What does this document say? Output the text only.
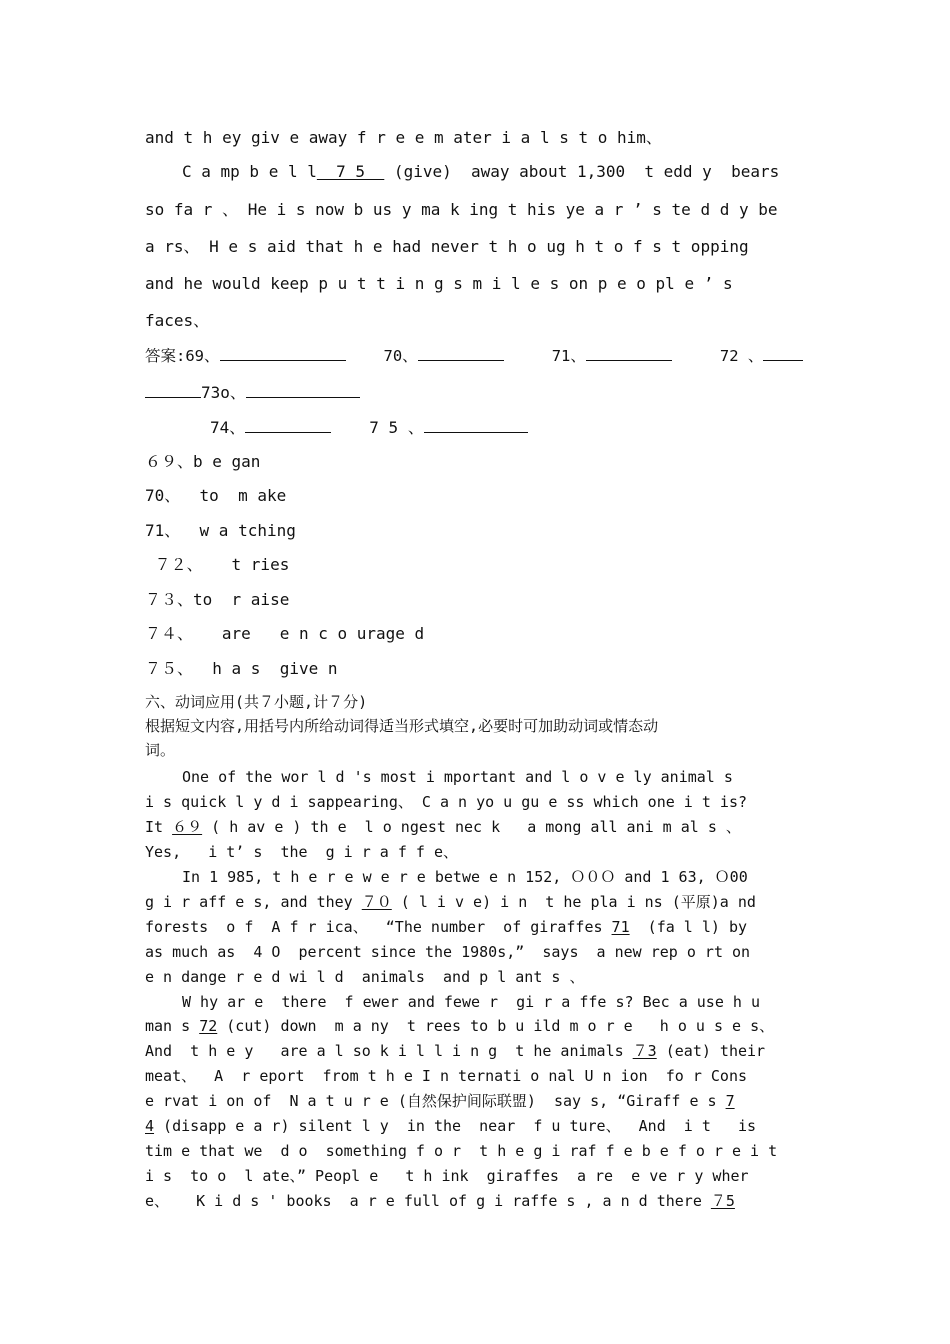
and t h ey giv e away f r e e m ater i a l s t o him、
C a mp b e l l  7 5   (give)  away about 1,300  t edd y  bears
so fa r 、 He i s now b us y ma k ing t his ye a r ’ s te d d y be
a rs、 H e s aid that h e had never t h o ug h t o f s t opping
and he would keep p u t t i n g s m i l e s on p e o pl e ’ s
faces、
答案:69、	70、	71、	72 、
73o、
74、	7 5 、
６９、b e gan
70、  to  m ake
71、  w a tching
７２、   t ries
７３、to  r aise
７４、   are   e n c o urage d
７５、  h a s  give n
六、动词应用(共７小题,计７分)
根据短文内容,用括号内所给动词得适当形式填空,必要时可加助动词或情态动
词。
One of the wor l d 's most i mportant and l o v e ly animal s
i s quick l y d i sappearing、 C a n yo u gu e ss which one i t is?
It ６９ ( h av e ) th e  l o ngest nec k   a mong all ani m al s 、
Yes,   i t’ s  the  g i r a f f e、
In 1 985, t h e r e w e r e betwe e n 152, Ｏ０Ｏ and 1 63, Ｏ00
g i r aff e s, and they ７０ ( l i v e) i n  t he pla i ns (平原)a nd
forests  o f  A f r ica、  “The number  of giraffes 71  (fa l l) by
as much as  4 O  percent since the 1980s,”  says  a new rep o rt on
e n dange r e d wi l d  animals  and p l ant s 、
W hy ar e  there  f ewer and fewe r  gi r a ffe s? Bec a use h u
man s 72 (cut) down  m a ny  t rees to b u ild m o r e   h o u s e s、
And  t h e y   are a l so k i l l i n g  t he animals ７3 (eat) their
meat、  A  r eport  from t h e I n ternati o nal U n ion  fo r Cons
e rvat i on of  N a t u r e (自然保护间际联盟)  say s, “Giraff e s 7
4 (disapp e a r) silent l y  in the  near  f u ture、  And  i t   is
tim e that we  d o  something f o r  t h e g i raf f e b e f o r e i t
i s  to o  l ate、” Peopl e   t h ink  giraffes  a re  e ve r y wher
e、   K i d s ' books  a r e full of g i raffe s , a n d there ７5
